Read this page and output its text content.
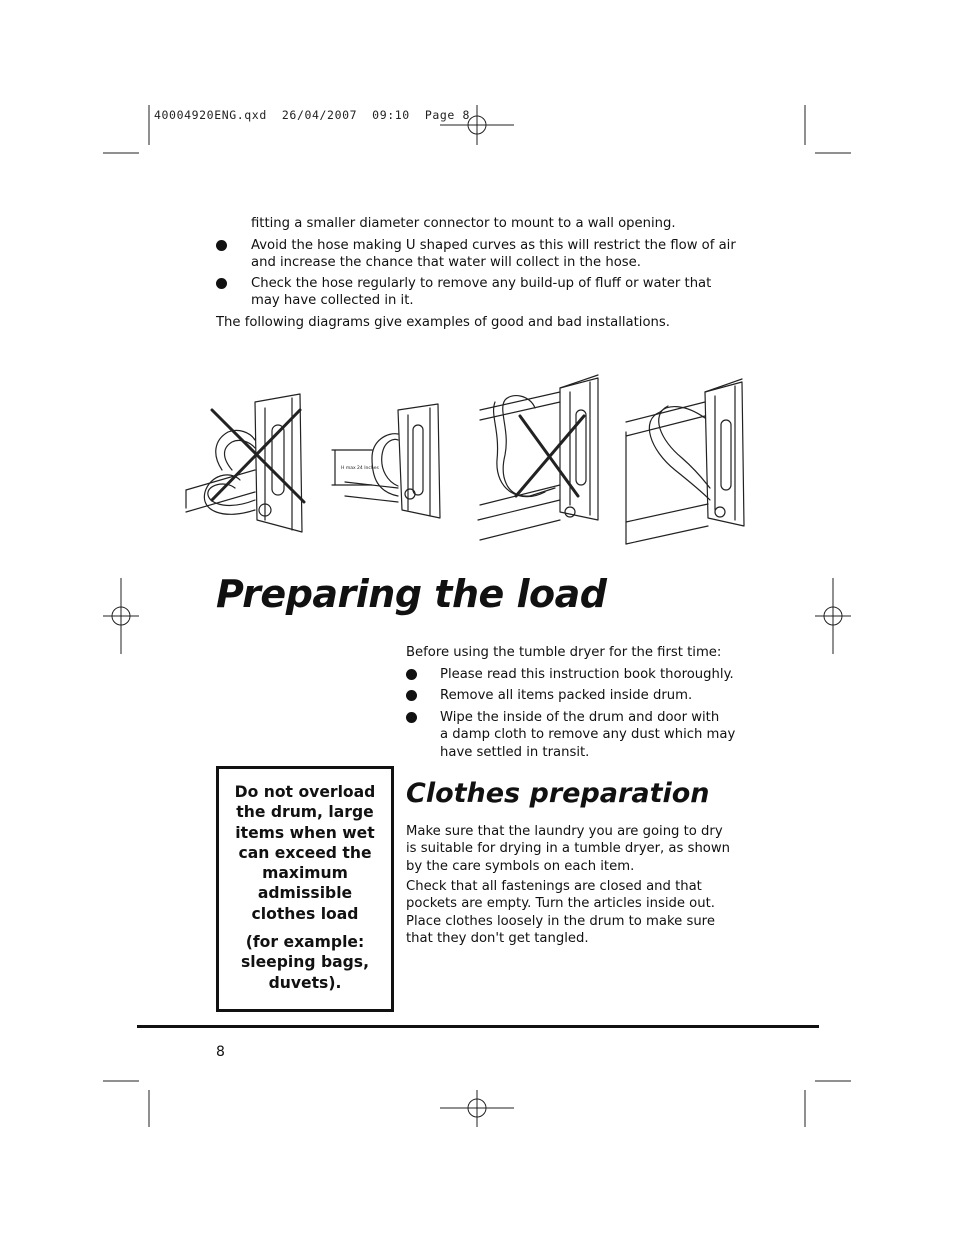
40004920ENG.qxd  26/04/2007  09:10  Page 8
fitting a smaller diameter connector to mount to a wall opening.
Avoid the hose making U shaped curves as this will restrict the flow of air
and increase the chance that water will collect in the hose.
Check the hose regularly to remove any build-up of fluff or water that
may have collected in it.
The following diagrams give examples of good and bad installations.
H max 24 Inches
Preparing the load
Before using the tumble dryer for the first time:
Please read this instruction book thoroughly.
Remove all items packed inside drum.
Wipe the inside of the drum and door with
a damp cloth to remove any dust which may
have settled in transit.

Do not overload

the drum, large

items when wet

can exceed the

maximum

admissible

clothes load

(for example:

sleeping bags,

duvets).

Clothes preparation
Make sure that the laundry you are going to dry
is suitable for drying in a tumble dryer, as shown
by the care symbols on each item.
Check that all fastenings are closed and that
pockets are empty. Turn the articles inside out.
Place clothes loosely in the drum to make sure
that they don't get tangled.
8
